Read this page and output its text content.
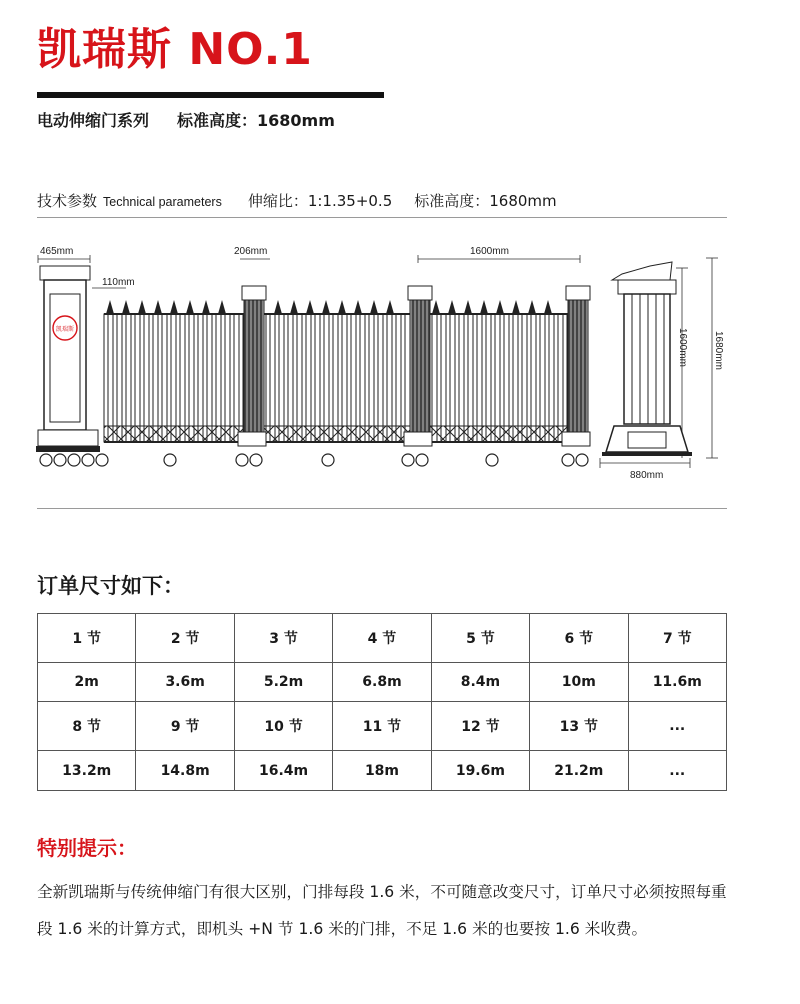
凯瑞斯 NO.1
电动伸缩门系列 标准高度：1680mm
技术参数 Technical parameters 伸缩比：1:1.35+0.5 标准高度：1680mm
465mm
110mm
206mm	1600mm
880mm
1600mm	1680mm
凯瑞斯
订单尺寸如下：
1 节	2 节	3 节	4 节	5 节	6 节	7 节
2m	3.6m	5.2m	6.8m	8.4m	10m	11.6m
8 节	9 节	10 节	11 节	12 节	13 节	...
13.2m	14.8m	16.4m	18m	19.6m	21.2m	...
特别提示：
全新凯瑞斯与传统伸缩门有很大区别，门排每段 1.6 米，不可随意改变尺寸，订单尺寸必须按照每重段 1.6 米的计算方式，即机头 +N 节 1.6 米的门排，不足 1.6 米的也要按 1.6 米收费。
